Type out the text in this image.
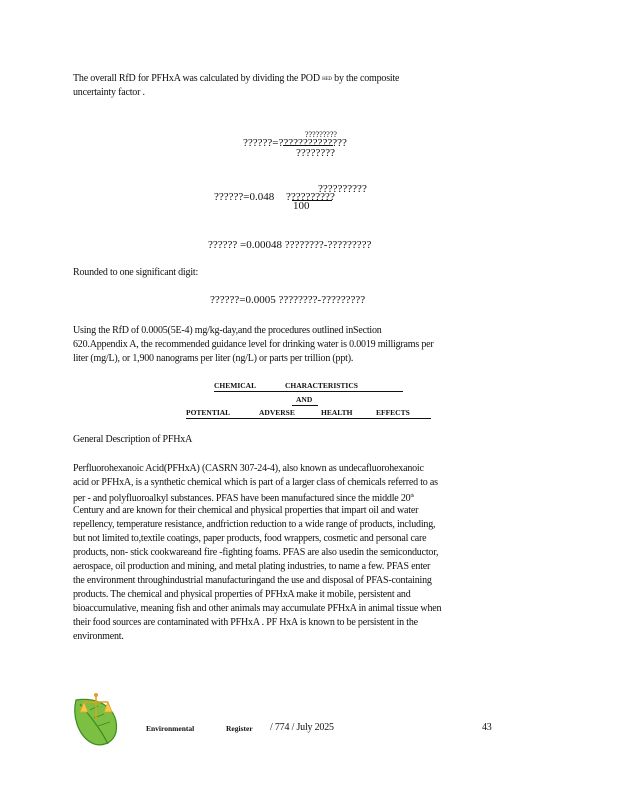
The overall RfD for PFHxA was calculated by dividing the POD $^{HED}$ by the composite
uncertainty factor .
?????????
??????=??????????????
????????
??????????
??????=0.048 ??????????
100
?????? =0.00048 ????????-?????????
Rounded to one significant digit:
??????=0.0005 ????????-?????????
Using the RfD of 0.0005(5E-4) mg/kg-day,and the procedures outlined inSection
620.Appendix A, the recommended guidance level for drinking water is 0.0019 milligrams per
liter (mg/L), or 1,900 nanograms per liter (ng/L) or parts per trillion (ppt).
CHEMICAL	CHARACTERISTICS
AND
POTENTIAL	ADVERSE	HEALTH	EFFECTS
General Description of PFHxA
Perfluorohexanoic Acid(PFHxA) (CASRN 307-24-4), also known as undecafluorohexanoic
acid or PFHxA, is a synthetic chemical which is part of a larger class of chemicals referred to as
per - and polyfluoroalkyl substances. PFAS have been manufactured since the middle 20th
Century and are known for their chemical and physical properties that impart oil and water
repellency, temperature resistance, andfriction reduction to a wide range of products, including,
but not limited to,textile coatings, paper products, food wrappers, cosmetic and personal care
products, non- stick cookwareand fire -fighting foams. PFAS are also usedin the semiconductor,
aerospace, oil production and mining, and metal plating industries, to name a few. PFAS enter
the environment throughindustrial manufacturingand the use and disposal of PFAS-containing
products. The chemical and physical properties of PFHxA make it mobile, persistent and
bioaccumulative, meaning fish and other animals may accumulate PFHxA in animal tissue when
their food sources are contaminated with PFHxA . PF HxA is known to be persistent in the
environment.
Environmental	Register / 774 / July 2025	43
